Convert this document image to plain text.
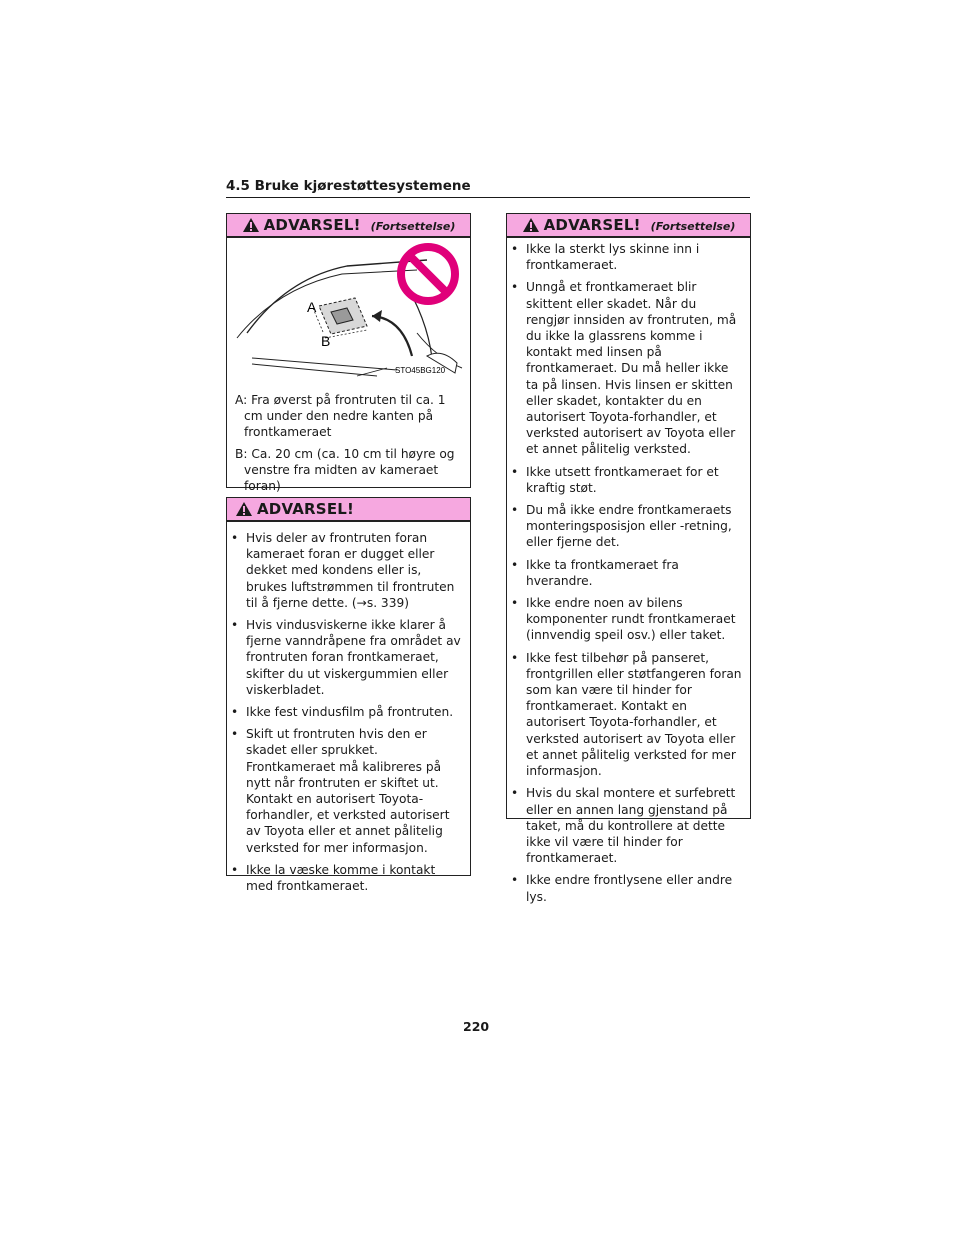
4.5 Bruke kjørestøttesystemene
ADVARSEL! (Fortsettelse)
A
B
STO45BG120

A: Fra øverst på frontruten til ca. 1 cm under den nedre kanten på frontkameraet

B: Ca. 20 cm (ca. 10 cm til høyre og venstre fra midten av kameraet foran)

ADVARSEL!
• Hvis deler av frontruten foran kameraet foran er dugget eller dekket med kondens eller is, brukes luftstrømmen til frontruten til å fjerne dette. (→s. 339)
• Hvis vindusviskerne ikke klarer å fjerne vanndråpene fra området av frontruten foran frontkameraet, skifter du ut viskergummien eller viskerbladet.
• Ikke fest vindusfilm på frontruten.
• Skift ut frontruten hvis den er skadet eller sprukket. Frontkameraet må kalibreres på nytt når frontruten er skiftet ut. Kontakt en autorisert Toyota-forhandler, et verksted autorisert av Toyota eller et annet pålitelig verksted for mer informasjon.
• Ikke la væske komme i kontakt med frontkameraet.
ADVARSEL! (Fortsettelse)
• Ikke la sterkt lys skinne inn i frontkameraet.
• Unngå et frontkameraet blir skittent eller skadet. Når du rengjør innsiden av frontruten, må du ikke la glassrens komme i kontakt med linsen på frontkameraet. Du må heller ikke ta på linsen. Hvis linsen er skitten eller skadet, kontakter du en autorisert Toyota-forhandler, et verksted autorisert av Toyota eller et annet pålitelig verksted.
• Ikke utsett frontkameraet for et kraftig støt.
• Du må ikke endre frontkameraets monteringsposisjon eller -retning, eller fjerne det.
• Ikke ta frontkameraet fra hverandre.
• Ikke endre noen av bilens komponenter rundt frontkameraet (innvendig speil osv.) eller taket.
• Ikke fest tilbehør på panseret, frontgrillen eller støtfangeren foran som kan være til hinder for frontkameraet. Kontakt en autorisert Toyota-forhandler, et verksted autorisert av Toyota eller et annet pålitelig verksted for mer informasjon.
• Hvis du skal montere et surfebrett eller en annen lang gjenstand på taket, må du kontrollere at dette ikke vil være til hinder for frontkameraet.
• Ikke endre frontlysene eller andre lys.
220
